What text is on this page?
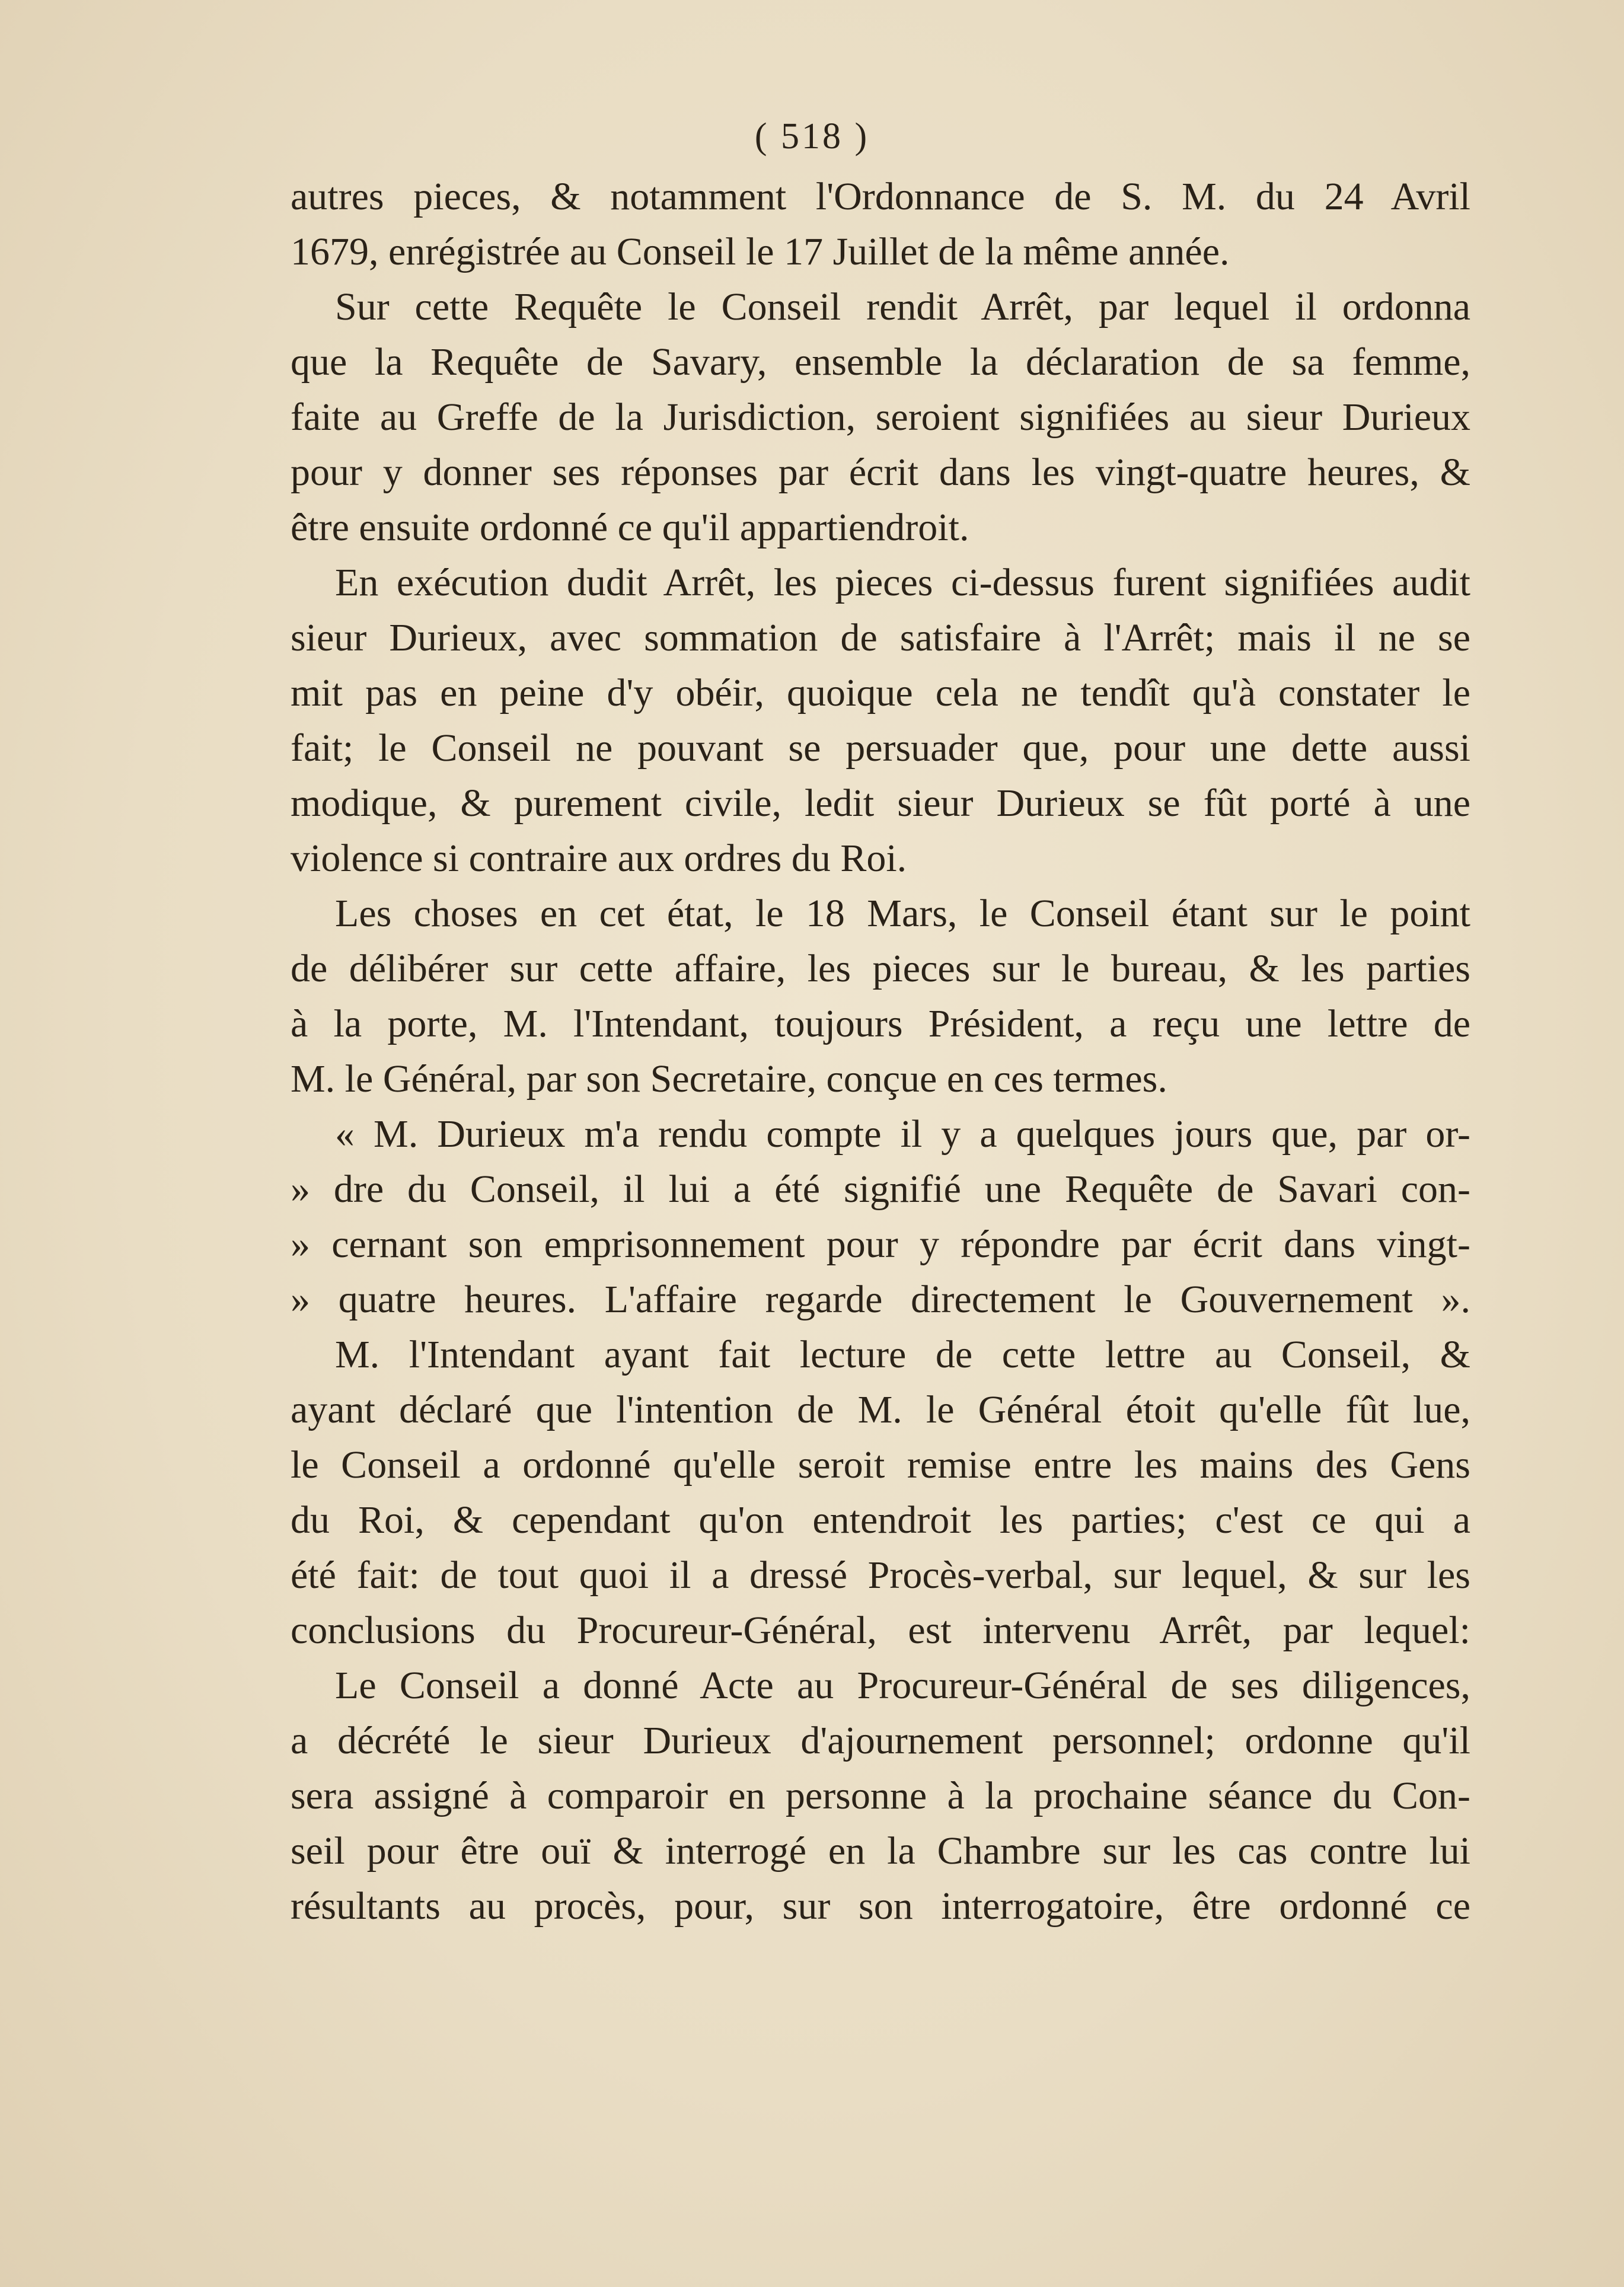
( 518 )
autres pieces, & notamment l'Ordonnance de S. M. du 24 Avril
1679, enrégistrée au Conseil le 17 Juillet de la même année.
Sur cette Requête le Conseil rendit Arrêt, par lequel il ordonna
que la Requête de Savary, ensemble la déclaration de sa femme,
faite au Greffe de la Jurisdiction, seroient signifiées au sieur Durieux
pour y donner ses réponses par écrit dans les vingt-quatre heures, &
être ensuite ordonné ce qu'il appartiendroit.
En exécution dudit Arrêt, les pieces ci-dessus furent signifiées audit
sieur Durieux, avec sommation de satisfaire à l'Arrêt; mais il ne se
mit pas en peine d'y obéir, quoique cela ne tendît qu'à constater le
fait; le Conseil ne pouvant se persuader que, pour une dette aussi
modique, & purement civile, ledit sieur Durieux se fût porté à une
violence si contraire aux ordres du Roi.
Les choses en cet état, le 18 Mars, le Conseil étant sur le point
de délibérer sur cette affaire, les pieces sur le bureau, & les parties
à la porte, M. l'Intendant, toujours Président, a reçu une lettre de
M. le Général, par son Secretaire, conçue en ces termes.
« M. Durieux m'a rendu compte il y a quelques jours que, par or-
» dre du Conseil, il lui a été signifié une Requête de Savari con-
» cernant son emprisonnement pour y répondre par écrit dans vingt-
» quatre heures. L'affaire regarde directement le Gouvernement ».
M. l'Intendant ayant fait lecture de cette lettre au Conseil, &
ayant déclaré que l'intention de M. le Général étoit qu'elle fût lue,
le Conseil a ordonné qu'elle seroit remise entre les mains des Gens
du Roi, & cependant qu'on entendroit les parties; c'est ce qui a
été fait: de tout quoi il a dressé Procès-verbal, sur lequel, & sur les
conclusions du Procureur-Général, est intervenu Arrêt, par lequel:
Le Conseil a donné Acte au Procureur-Général de ses diligences,
a décrété le sieur Durieux d'ajournement personnel; ordonne qu'il
sera assigné à comparoir en personne à la prochaine séance du Con-
seil pour être ouï & interrogé en la Chambre sur les cas contre lui
résultants au procès, pour, sur son interrogatoire, être ordonné ce
